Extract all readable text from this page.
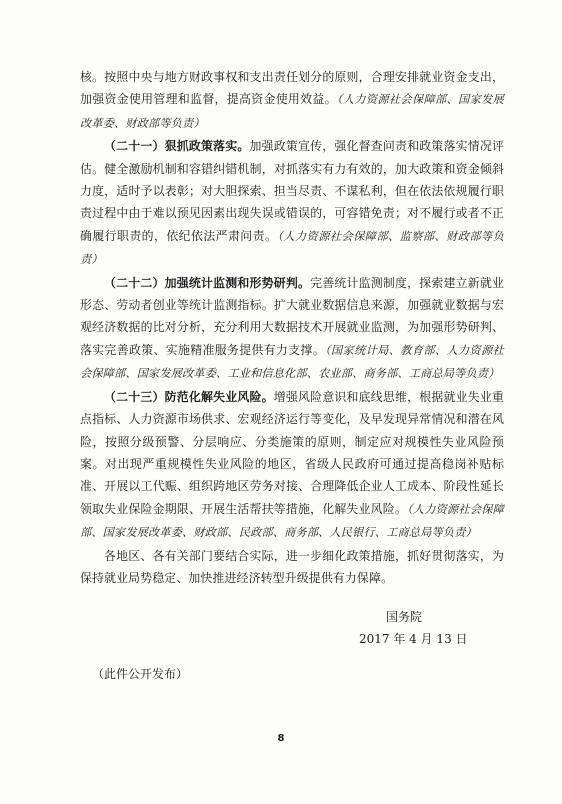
核。按照中央与地方财政事权和支出责任划分的原则，合理安排就业资金支出，加强资金使用管理和监督，提高资金使用效益。（人力资源社会保障部、国家发展改革委、财政部等负责）

（二十一）狠抓政策落实。加强政策宣传，强化督查问责和政策落实情况评估。健全激励机制和容错纠错机制，对抓落实有力有效的，加大政策和资金倾斜力度，适时予以表彰；对大胆探索、担当尽责、不谋私利，但在依法依规履行职责过程中由于难以预见因素出现失误或错误的，可容错免责；对不履行或者不正确履行职责的，依纪依法严肃问责。（人力资源社会保障部、监察部、财政部等负责）

（二十二）加强统计监测和形势研判。完善统计监测制度，探索建立新就业形态、劳动者创业等统计监测指标。扩大就业数据信息来源，加强就业数据与宏观经济数据的比对分析，充分利用大数据技术开展就业监测，为加强形势研判、落实完善政策、实施精准服务提供有力支撑。（国家统计局、教育部、人力资源社会保障部、国家发展改革委、工业和信息化部、农业部、商务部、工商总局等负责）

（二十三）防范化解失业风险。增强风险意识和底线思维，根据就业失业重点指标、人力资源市场供求、宏观经济运行等变化，及早发现异常情况和潜在风险，按照分级预警、分层响应、分类施策的原则，制定应对规模性失业风险预案。对出现严重规模性失业风险的地区，省级人民政府可通过提高稳岗补贴标准、开展以工代赈、组织跨地区劳务对接、合理降低企业人工成本、阶段性延长领取失业保险金期限、开展生活帮扶等措施，化解失业风险。（人力资源社会保障部、国家发展改革委、财政部、民政部、商务部、人民银行、工商总局等负责）

各地区、各有关部门要结合实际，进一步细化政策措施，抓好贯彻落实，为保持就业局势稳定、加快推进经济转型升级提供有力保障。

国务院
2017 年 4 月 13 日
（此件公开发布）
8
